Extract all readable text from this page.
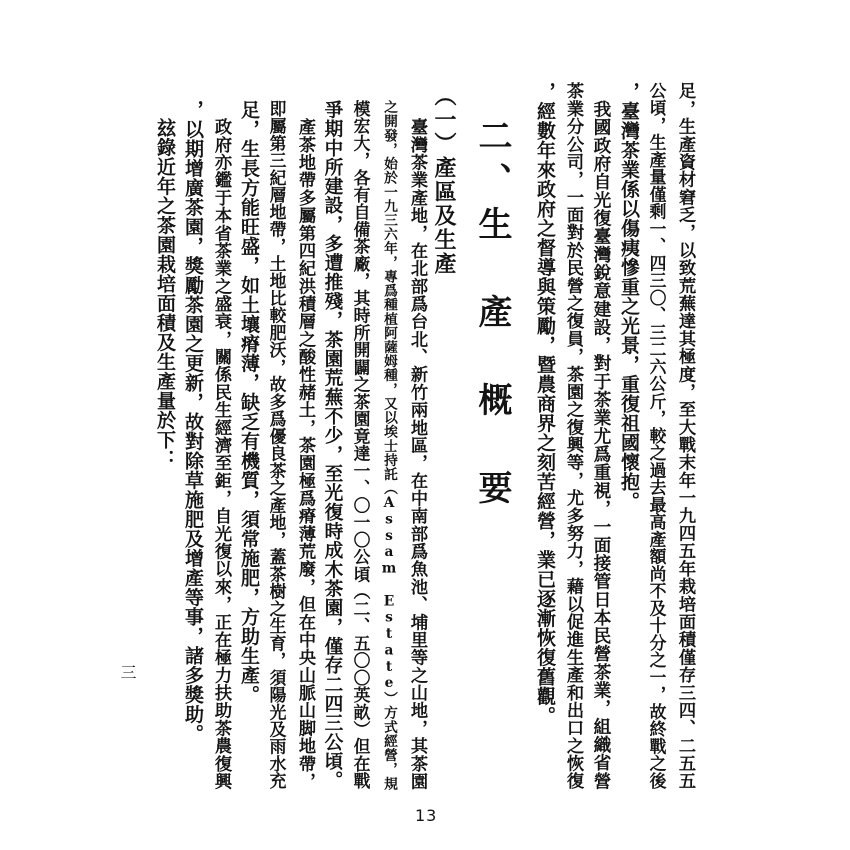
足，生產資材窘乏，以致荒蕪達其極度，至大戰末年一九四五年栽培面積僅存三四、二五五
公頃，生產量僅剩一、四三〇、三二六公斤，較之過去最高產額尚不及十分之一，故終戰之後
，臺灣茶業係以傷痍慘重之光景，重復祖國懷抱。
我國政府自光復臺灣銳意建設，對于茶業尤爲重視，一面接管日本民營茶業，組織省營
茶業分公司，一面對於民營之復員，茶園之復興等，尤多努力，藉以促進生產和出口之恢復
，經數年來政府之督導與策勵，暨農商界之刻苦經營，業已逐漸恢復舊觀。
二、生　產　概　要
（一）產區及生產
臺灣茶業產地，在北部爲台北、新竹兩地區，在中南部爲魚池、埔里等之山地，其茶園
之開發，始於一九三六年，專爲種植阿薩姆種，又以埃士持託（Assam Estate）方式經營，規
模宏大，各有自備茶廠，其時所開闢之茶園竟達一、〇一〇公頃（二、五〇〇英畝）但在戰
爭期中所建設，多遭推殘，茶園荒蕪不少，至光復時成木茶園，僅存二四三公頃。
產茶地帶多屬第四紀洪積層之酸性赭土，茶園極爲瘠薄荒廢，但在中央山脈山脚地帶，
即屬第三紀層地帶，土地比較肥沃，故多爲優良茶之產地，蓋茶樹之生育，須陽光及雨水充
足，生長方能旺盛，如土壤瘠薄，缺乏有機質，須常施肥，方助生產。
政府亦鑑于本省茶業之盛衰，關係民生經濟至鉅，自光復以來，正在極力扶助茶農復興
，以期增廣茶園，獎勵茶園之更新，故對除草施肥及增產等事，諸多獎助。
玆錄近年之茶園栽培面積及生產量於下：
三
13
